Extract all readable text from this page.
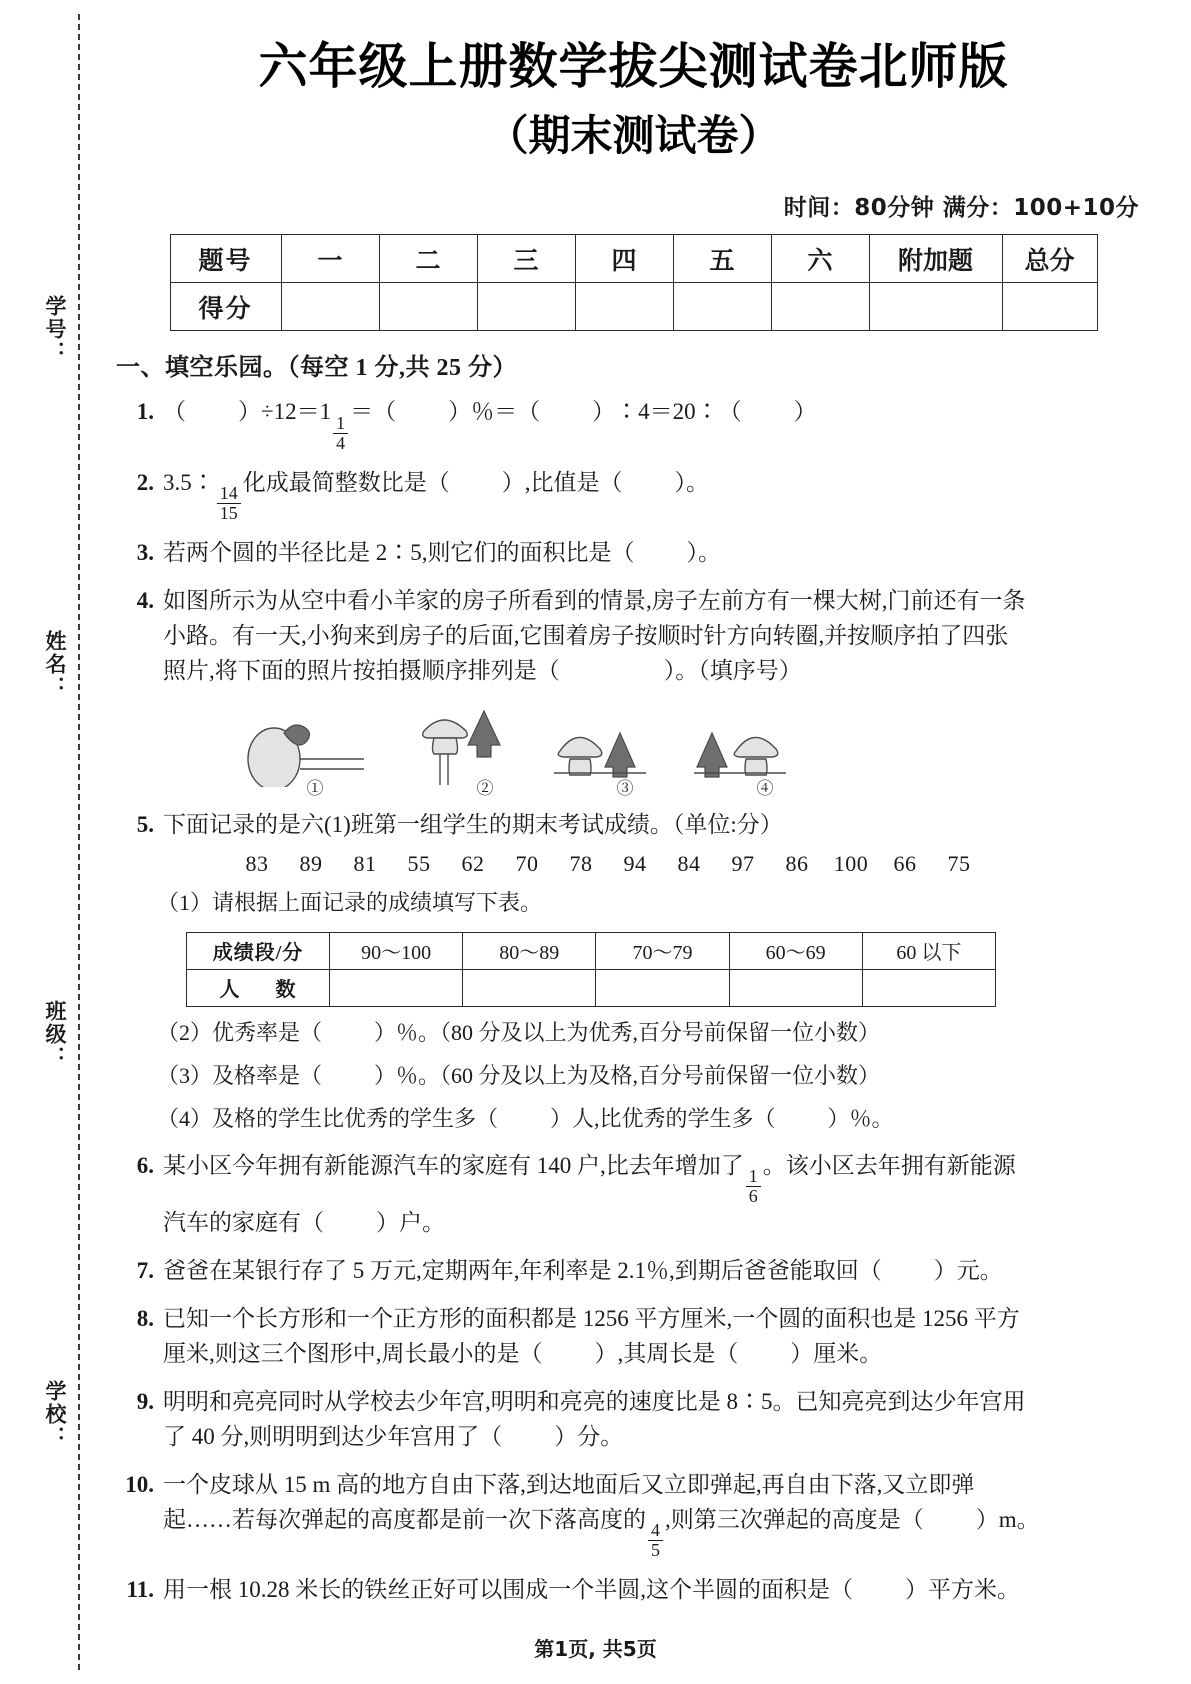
学号：
姓名：
班级：
学校：
六年级上册数学拔尖测试卷北师版
（期末测试卷）
时间：80分钟 满分：100+10分
题号	一	二	三	四	五	六	附加题	总分
得分								
一、填空乐园。（每空 1 分,共 25 分）
1. （ ）÷12＝1
$\frac{1}{4}$
＝（ ）％＝（ ）∶4＝20∶（ ）
2. 3.5∶
$\frac{14}{15}$
化成最简整数比是（ ）,比值是（ ）。
3. 若两个圆的半径比是 2∶5,则它们的面积比是（ ）。
4. 如图所示为从空中看小羊家的房子所看到的情景,房子左前方有一棵大树,门前还有一条
小路。有一天,小狗来到房子的后面,它围着房子按顺时针方向转圈,并按顺序拍了四张
照片,将下面的照片按拍摄顺序排列是（	）。（填序号）
①	②	③	④
5. 下面记录的是六(1)班第一组学生的期末考试成绩。（单位:分）
83 89 81 55 62 70 78 94 84 97 86 100 66 75
（1）请根据上面记录的成绩填写下表。
成绩段/分	90～100	80～89	70～79	60～69	60 以下
人　数					
（2）优秀率是（ ）％。（80 分及以上为优秀,百分号前保留一位小数）
（3）及格率是（ ）％。（60 分及以上为及格,百分号前保留一位小数）
（4）及格的学生比优秀的学生多（ ）人,比优秀的学生多（ ）％。
6. 某小区今年拥有新能源汽车的家庭有 140 户,比去年增加了
$\frac{1}{6}$
。该小区去年拥有新能源
汽车的家庭有（ ）户。
7. 爸爸在某银行存了 5 万元,定期两年,年利率是 2.1％,到期后爸爸能取回（ ）元。
8. 已知一个长方形和一个正方形的面积都是 1256 平方厘米,一个圆的面积也是 1256 平方
厘米,则这三个图形中,周长最小的是（ ）,其周长是（ ）厘米。
9. 明明和亮亮同时从学校去少年宫,明明和亮亮的速度比是 8∶5。已知亮亮到达少年宫用
了 40 分,则明明到达少年宫用了（ ）分。
10. 一个皮球从 15 m 高的地方自由下落,到达地面后又立即弹起,再自由下落,又立即弹
起……若每次弹起的高度都是前一次下落高度的
$\frac{4}{5}$
,则第三次弹起的高度是（ ）m。
11. 用一根 10.28 米长的铁丝正好可以围成一个半圆,这个半圆的面积是（ ）平方米。
第1页, 共5页
